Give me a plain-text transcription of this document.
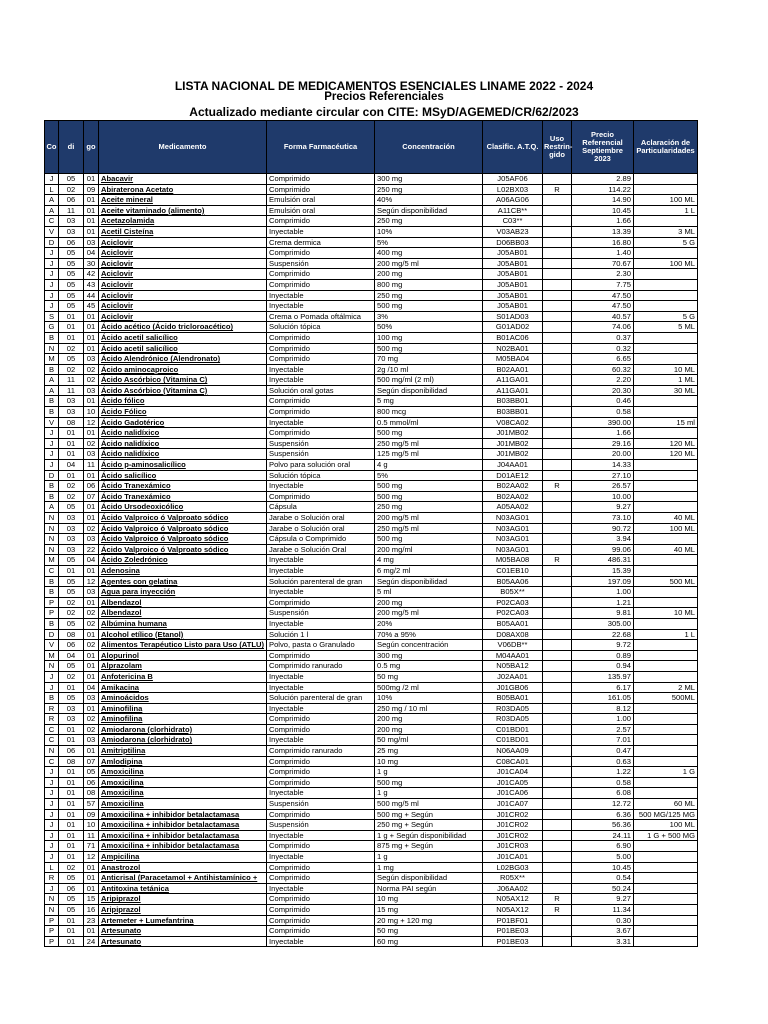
LISTA NACIONAL DE MEDICAMENTOS ESENCIALES LINAME 2022 - 2024
Precios Referenciales
Actualizado mediante circular con CITE: MSyD/AGEMED/CR/62/2023
Co	di	go	Medicamento	Forma Farmacéutica	Concentración	Clasific. A.T.Q.	Uso Restrin- gido	Precio Referencial Septiembre 2023	Aclaración de Particularidades
J	05	01	Abacavir	Comprimido	300 mg	J05AF06		2.89	
L	02	09	Abiraterona Acetato	Comprimido	250 mg	L02BX03	R	114.22	
A	06	01	Aceite mineral	Emulsión oral	40%	A06AG06		14.90	100 ML
A	11	01	Aceite vitaminado (alimento)	Emulsión oral	Según disponibilidad	A11CB**		10.45	1 L
C	03	01	Acetazolamida	Comprimido	250 mg	C03**		1.66	
V	03	01	Acetil Cisteína	Inyectable	10%	V03AB23		13.39	3 ML
D	06	03	Aciclovir	Crema dermica	5%	D06BB03		16.80	5 G
J	05	04	Aciclovir	Comprimido	400 mg	J05AB01		1.40	
J	05	30	Aciclovir	Suspensión	200 mg/5 ml	J05AB01		70.67	100 ML
J	05	42	Aciclovir	Comprimido	200 mg	J05AB01		2.30	
J	05	43	Aciclovir	Comprimido	800 mg	J05AB01		7.75	
J	05	44	Aciclovir	Inyectable	250 mg	J05AB01		47.50	
J	05	45	Aciclovir	Inyectable	500 mg	J05AB01		47.50	
S	01	01	Aciclovir	Crema o Pomada oftálmica	3%	S01AD03		40.57	5 G
G	01	01	Ácido acético (Ácido tricloroacético)	Solución tópica	50%	G01AD02		74.06	5 ML
B	01	01	Ácido acetil salicílico	Comprimido	100 mg	B01AC06		0.37	
N	02	01	Ácido acetil salicílico	Comprimido	500 mg	N02BA01		0.32	
M	05	03	Ácido Alendrónico (Alendronato)	Comprimido	70 mg	M05BA04		6.65	
B	02	02	Ácido aminocaproico	Inyectable	2g /10 ml	B02AA01		60.32	10 ML
A	11	02	Ácido Ascórbico (Vitamina C)	Inyectable	500 mg/ml (2 ml)	A11GA01		2.20	1 ML
A	11	03	Ácido Ascórbico (Vitamina C)	Solución oral gotas	Según disponibilidad	A11GA01		20.30	30 ML
B	03	01	Ácido fólico	Comprimido	5 mg	B03BB01		0.46	
B	03	10	Ácido Fólico	Comprimido	800 mcg	B03BB01		0.58	
V	08	12	Ácido Gadotérico	Inyectable	0.5 mmol/ml	V08CA02		390.00	15 ml
J	01	01	Ácido nalidíxico	Comprimido	500 mg	J01MB02		1.66	
J	01	02	Ácido nalidíxico	Suspensión	250 mg/5 ml	J01MB02		29.16	120 ML
J	01	03	Ácido nalidíxico	Suspensión	125 mg/5 ml	J01MB02		20.00	120 ML
J	04	11	Ácido p-aminosalicílico	Polvo para solución oral	4 g	J04AA01		14.33	
D	01	01	Ácido salicílico	Solución tópica	5%	D01AE12		27.10	
B	02	06	Ácido Tranexámico	Inyectable	500 mg	B02AA02	R	26.57	
B	02	07	Ácido Tranexámico	Comprimido	500 mg	B02AA02		10.00	
A	05	01	Ácido Ursodeoxicólico	Cápsula	250 mg	A05AA02		9.27	
N	03	01	Ácido Valproico ó Valproato sódico	Jarabe o Solución oral	200 mg/5 ml	N03AG01		73.10	40 ML
N	03	02	Ácido Valproico ó Valproato sódico	Jarabe o Solución oral	250 mg/5 ml	N03AG01		90.72	100 ML
N	03	03	Ácido Valproico ó Valproato sódico	Cápsula o Comprimido	500 mg	N03AG01		3.94	
N	03	22	Ácido Valproico ó Valproato sódico	Jarabe o Solución Oral	200 mg/ml	N03AG01		99.06	40 ML
M	05	04	Ácido Zoledrónico	Inyectable	4 mg	M05BA08	R	486.31	
C	01	01	Adenosina	Inyectable	6 mg/2 ml	C01EB10		15.39	
B	05	12	Agentes con gelatina	Solución parenteral de gran	Según disponibilidad	B05AA06		197.09	500 ML
B	05	03	Agua para inyección	Inyectable	5 ml	B05X**		1.00	
P	02	01	Albendazol	Comprimido	200 mg	P02CA03		1.21	
P	02	02	Albendazol	Suspensión	200 mg/5 ml	P02CA03		9.81	10 ML
B	05	02	Albúmina humana	Inyectable	20%	B05AA01		305.00	
D	08	01	Alcohol etílico (Etanol)	Solución 1 l	70% a 95%	D08AX08		22.68	1 L
V	06	02	Alimentos Terapéutico Listo para Uso (ATLU)	Polvo, pasta o Granulado	Según concentración	V06DB**		9.72	
M	04	01	Alopurinol	Comprimido	300 mg	M04AA01		0.89	
N	05	01	Alprazolam	Comprimido ranurado	0.5 mg	N05BA12		0.94	
J	02	01	Anfotericina B	Inyectable	50 mg	J02AA01		135.97	
J	01	04	Amikacina	Inyectable	500mg /2 ml	J01GB06		6.17	2 ML
B	05	03	Aminoácidos	Solución parenteral de gran	10%	B05BA01		161.05	500ML
R	03	01	Aminofilina	Inyectable	250 mg / 10 ml	R03DA05		8.12	
R	03	02	Aminofilina	Comprimido	200 mg	R03DA05		1.00	
C	01	02	Amiodarona (clorhidrato)	Comprimido	200 mg	C01BD01		2.57	
C	01	03	Amiodarona (clorhidrato)	Inyectable	50 mg/ml	C01BD01		7.01	
N	06	01	Amitriptilina	Comprimido ranurado	25 mg	N06AA09		0.47	
C	08	07	Amlodipina	Comprimido	10 mg	C08CA01		0.63	
J	01	05	Amoxicilina	Comprimido	1 g	J01CA04		1.22	1 G
J	01	06	Amoxicilina	Comprimido	500 mg	J01CA05		0.58	
J	01	08	Amoxicilina	Inyectable	1 g	J01CA06		6.08	
J	01	57	Amoxicilina	Suspensión	500 mg/5 ml	J01CA07		12.72	60 ML
J	01	09	Amoxicilina + inhibidor betalactamasa	Comprimido	500 mg + Según	J01CR02		6.36	500 MG/125 MG
J	01	10	Amoxicilina + inhibidor betalactamasa	Suspensión	250 mg + Según	J01CR02		56.36	100 ML
J	01	11	Amoxicilina + inhibidor betalactamasa	Inyectable	1 g + Según disponibilidad	J01CR02		24.11	1 G + 500 MG
J	01	71	Amoxicilina + inhibidor betalactamasa	Comprimido	875 mg + Según	J01CR03		6.90	
J	01	12	Ampicilina	Inyectable	1 g	J01CA01		5.00	
L	02	01	Anastrozol	Comprimido	1 mg	L02BG03		10.45	
R	05	01	Anticrisal (Paracetamol + Antihistamínico +	Comprimido	Según disponibilidad	R05X**		0.54	
J	06	01	Antitoxina tetánica	Inyectable	Norma PAI según	J06AA02		50.24	
N	05	15	Aripiprazol	Comprimido	10 mg	N05AX12	R	9.27	
N	05	16	Aripiprazol	Comprimido	15 mg	N05AX12	R	11.34	
P	01	23	Artemeter + Lumefantrina	Comprimido	20 mg + 120 mg	P01BF01		0.30	
P	01	01	Artesunato	Comprimido	50 mg	P01BE03		3.67	
P	01	24	Artesunato	Inyectable	60 mg	P01BE03		3.31	
